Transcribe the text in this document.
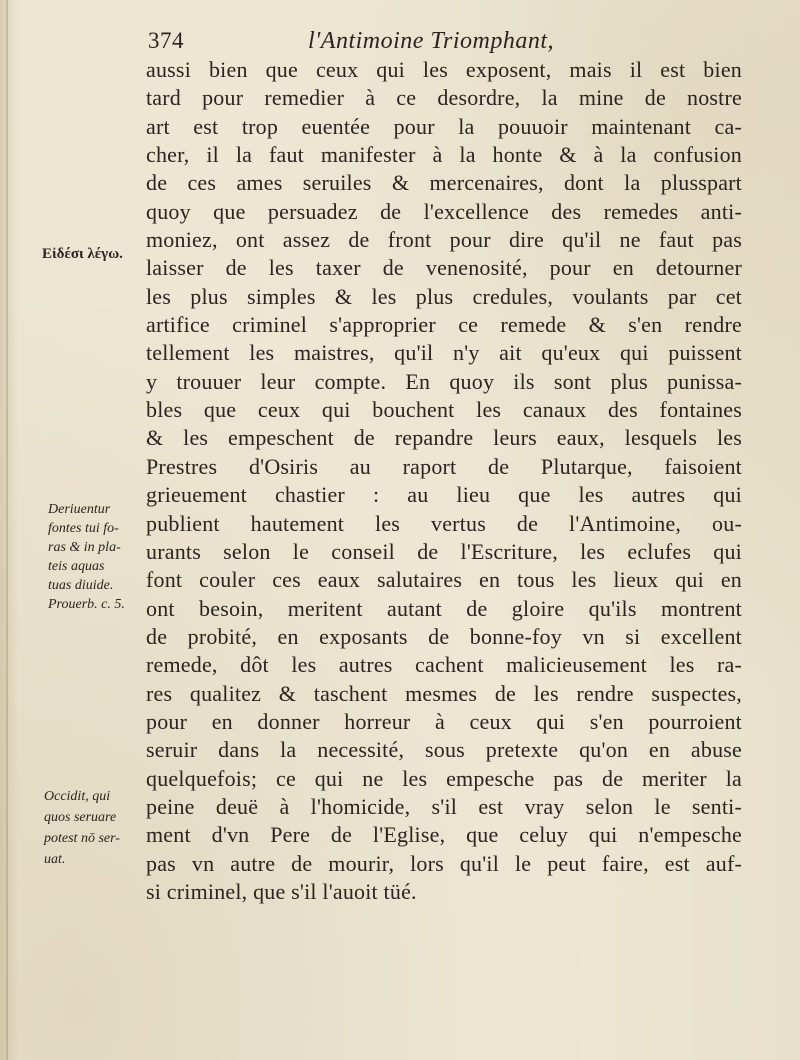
374	l'Antimoine Triomphant,
aussi bien que ceux qui les exposent, mais il est bien
tard pour remedier à ce desordre, la mine de nostre
art est trop euentée pour la pouuoir maintenant ca-
cher, il la faut manifester à la honte & à la confusion
de ces ames seruiles & mercenaires, dont la plusspart
quoy que persuadez de l'excellence des remedes anti-
moniez, ont assez de front pour dire qu'il ne faut pas
laisser de les taxer de venenosité, pour en detourner
les plus simples & les plus credules, voulants par cet
artifice criminel s'approprier ce remede & s'en rendre
tellement les maistres, qu'il n'y ait qu'eux qui puissent
y trouuer leur compte. En quoy ils sont plus punissa-
bles que ceux qui bouchent les canaux des fontaines
& les empeschent de repandre leurs eaux, lesquels les
Prestres d'Osiris au raport de Plutarque, faisoient
grieuement chastier : au lieu que les autres qui
publient hautement les vertus de l'Antimoine, ou-
urants selon le conseil de l'Escriture, les eclufes qui
font couler ces eaux salutaires en tous les lieux qui en
ont besoin, meritent autant de gloire qu'ils montrent
de probité, en exposants de bonne-foy vn si excellent
remede, dôt les autres cachent malicieusement les ra-
res qualitez & taschent mesmes de les rendre suspectes,
pour en donner horreur à ceux qui s'en pourroient
seruir dans la necessité, sous pretexte qu'on en abuse
quelquefois; ce qui ne les empesche pas de meriter la
peine deuë à l'homicide, s'il est vray selon le senti-
ment d'vn Pere de l'Eglise, que celuy qui n'empesche
pas vn autre de mourir, lors qu'il le peut faire, est auf-
si criminel, que s'il l'auoit tüé.
Εἰδέσι λέγω.
Deriuentur
fontes tui fo-
ras & in pla-
teis aquas
tuas diuide.
Prouerb. c. 5.
Occidit, qui
quos seruare
potest nō ser-
uat.
